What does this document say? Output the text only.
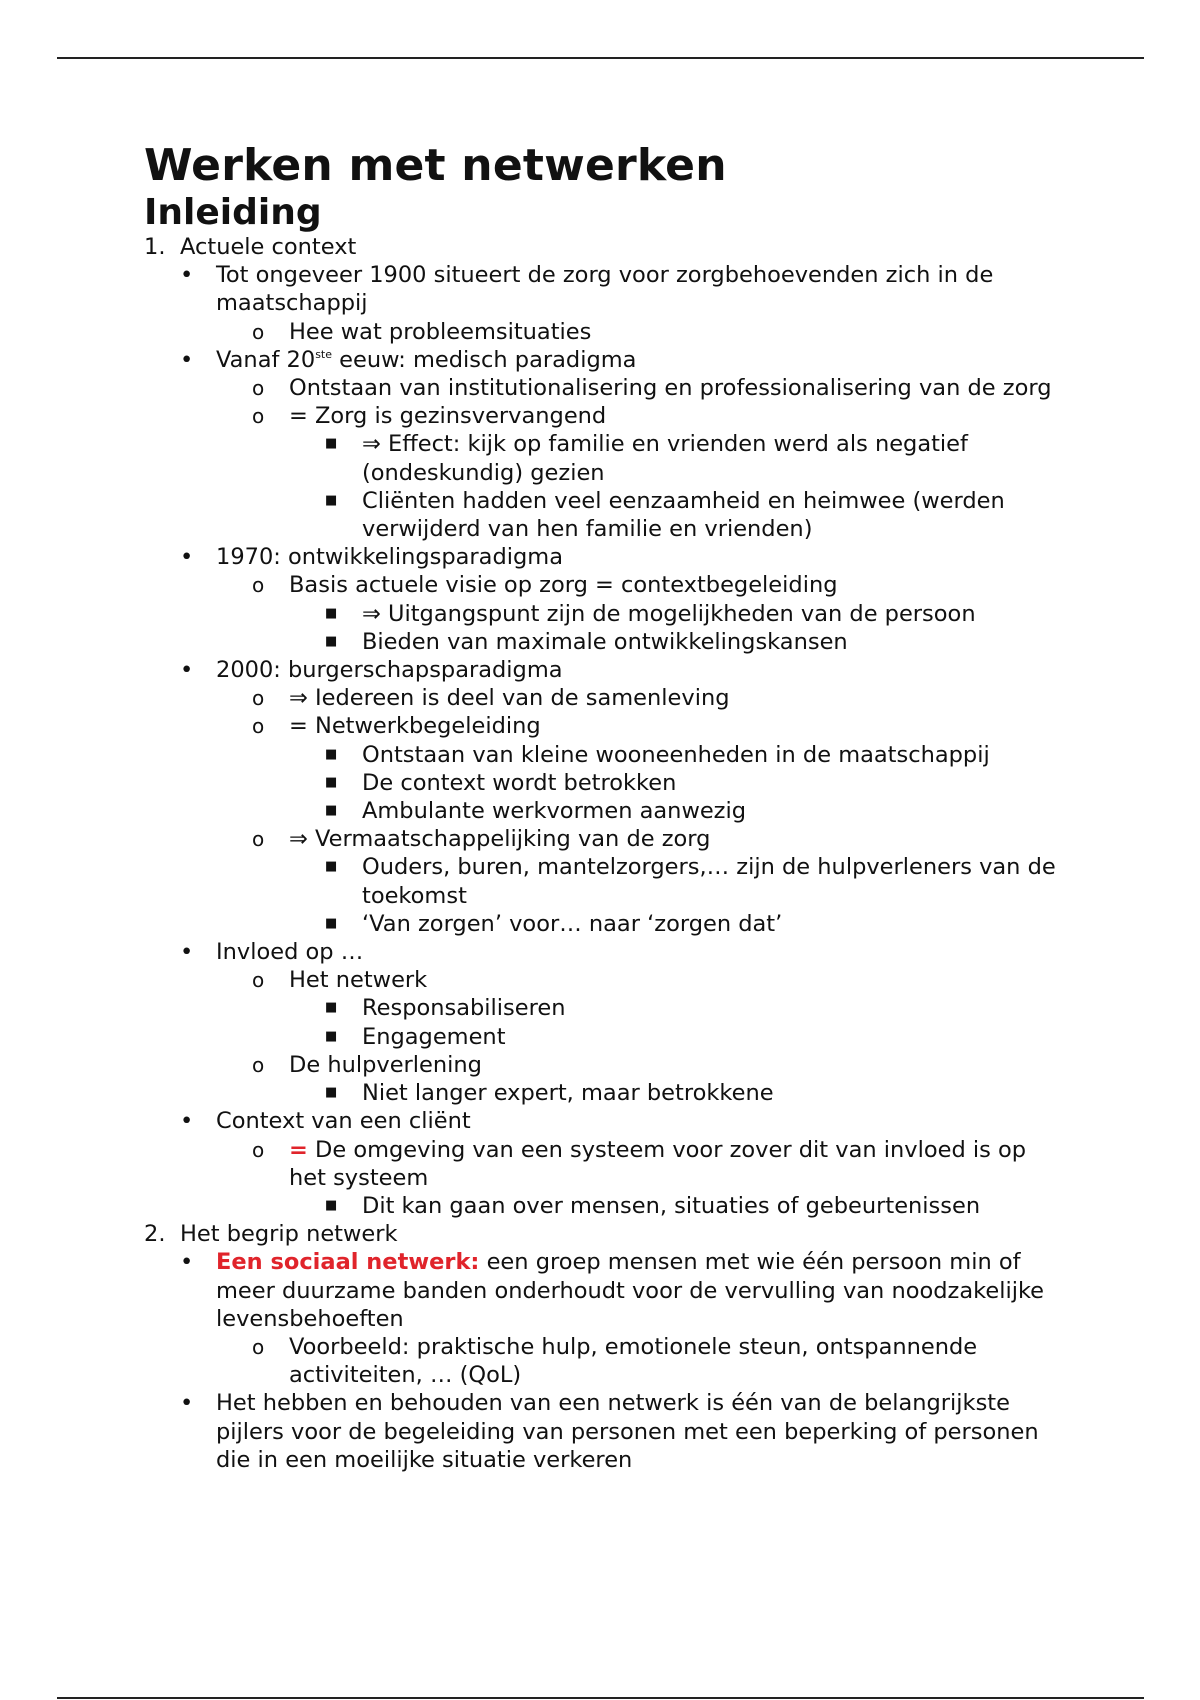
Werken met netwerken
Inleiding
1. Actuele context
• Tot ongeveer 1900 situeert de zorg voor zorgbehoevenden zich in de maatschappij
o Hee wat probleemsituaties
• Vanaf 20ste eeuw: medisch paradigma
o Ontstaan van institutionalisering en professionalisering van de zorg
o = Zorg is gezinsvervangend
■ ⇒ Effect: kijk op familie en vrienden werd als negatief (ondeskundig) gezien
■ Cliënten hadden veel eenzaamheid en heimwee (werden verwijderd van hen familie en vrienden)
• 1970: ontwikkelingsparadigma
o Basis actuele visie op zorg = contextbegeleiding
■ ⇒ Uitgangspunt zijn de mogelijkheden van de persoon
■ Bieden van maximale ontwikkelingskansen
• 2000: burgerschapsparadigma
o ⇒ Iedereen is deel van de samenleving
o = Netwerkbegeleiding
■ Ontstaan van kleine wooneenheden in de maatschappij
■ De context wordt betrokken
■ Ambulante werkvormen aanwezig
o ⇒ Vermaatschappelijking van de zorg
■ Ouders, buren, mantelzorgers,… zijn de hulpverleners van de toekomst
■ ‘Van zorgen’ voor… naar ‘zorgen dat’
• Invloed op …
o Het netwerk
■ Responsabiliseren
■ Engagement
o De hulpverlening
■ Niet langer expert, maar betrokkene
• Context van een cliënt
o = De omgeving van een systeem voor zover dit van invloed is op het systeem
■ Dit kan gaan over mensen, situaties of gebeurtenissen
2. Het begrip netwerk
• Een sociaal netwerk: een groep mensen met wie één persoon min of meer duurzame banden onderhoudt voor de vervulling van noodzakelijke levensbehoeften
o Voorbeeld: praktische hulp, emotionele steun, ontspannende activiteiten, … (QoL)
• Het hebben en behouden van een netwerk is één van de belangrijkste pijlers voor de begeleiding van personen met een beperking of personen die in een moeilijke situatie verkeren
